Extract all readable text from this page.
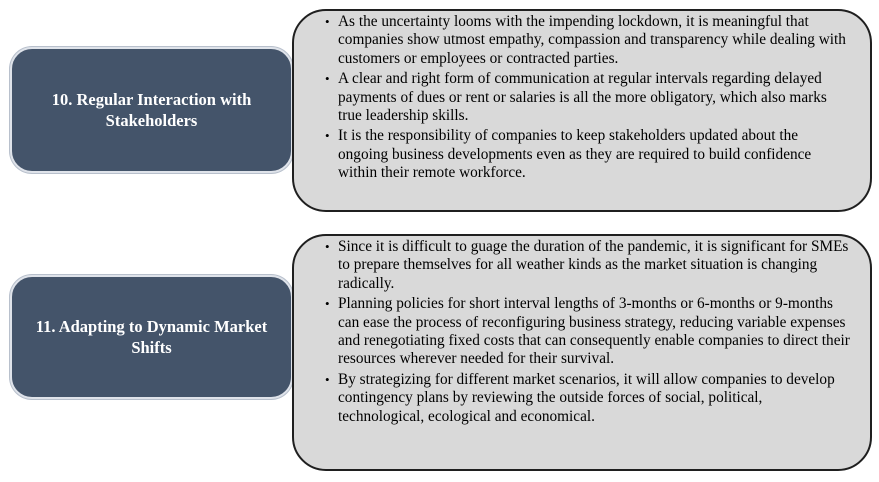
10. Regular Interaction with Stakeholders
• As the uncertainty looms with the impending lockdown, it is meaningful that companies show utmost empathy, compassion and transparency while dealing with customers or employees or contracted parties.
• A clear and right form of communication at regular intervals regarding delayed payments of dues or rent or salaries is all the more obligatory, which also marks true leadership skills.
• It is the responsibility of companies to keep stakeholders updated about the ongoing business developments even as they are required to build confidence within their remote workforce.
11. Adapting to Dynamic Market Shifts
• Since it is difficult to guage the duration of the pandemic, it is significant for SMEs to prepare themselves for all weather kinds as the market situation is changing radically.
• Planning policies for short interval lengths of 3-months or 6-months or 9-months can ease the process of reconfiguring business strategy, reducing variable expenses and renegotiating fixed costs that can consequently enable companies to direct their resources wherever needed for their survival.
• By strategizing for different market scenarios, it will allow companies to develop contingency plans by reviewing the outside forces of social, political, technological, ecological and economical.
